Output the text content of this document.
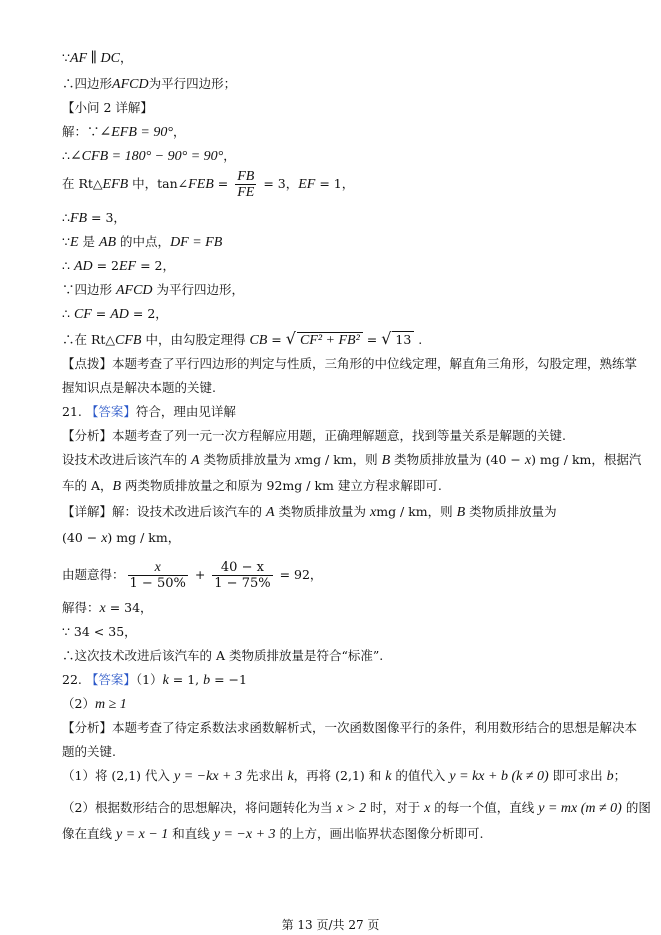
∵AF ∥ DC，
∴四边形AFCD为平行四边形；
【小问 2 详解】
解：∵∠EFB = 90°，
∴∠CFB = 180° − 90° = 90°，
在 Rt△EFB 中，tan∠FEB = $\frac{FB}{FE} = 3$，EF = 1，
∴FB = 3，
∵E 是 AB 的中点，DF = FB
∴ AD = 2EF = 2，
∵四边形 AFCD 为平行四边形，
∴ CF = AD = 2，
∴在 Rt△CFB 中，由勾股定理得 CB = √ CF² + FB² = √ 13 .
【点拨】本题考查了平行四边形的判定与性质，三角形的中位线定理，解直角三角形，勾股定理，熟练掌
握知识点是解决本题的关键.
21. 【答案】符合，理由见详解
【分析】本题考查了列一元一次方程解应用题，正确理解题意，找到等量关系是解题的关键.
设技术改进后该汽车的 A 类物质排放量为 xmg / km，则 B 类物质排放量为 (40 − x) mg / km，根据汽
车的 A，B 两类物质排放量之和原为 92mg / km 建立方程求解即可.
【详解】解：设技术改进后该汽车的 A 类物质排放量为 xmg / km，则 B 类物质排放量为
(40 − x) mg / km，
由题意得： $\frac{x}{1 - 50\%} + \frac{40 - x}{1 - 75\%} = 92$，
解得：x = 34，
∵ 34 < 35，
∴这次技术改进后该汽车的 A 类物质排放量是符合“标准”.
22. 【答案】（1）k = 1, b = −1
（2）m ≥ 1
【分析】本题考查了待定系数法求函数解析式，一次函数图像平行的条件，利用数形结合的思想是解决本
题的关键.
（1）将 (2,1) 代入 y = −kx + 3 先求出 k，再将 (2,1) 和 k 的值代入 y = kx + b (k ≠ 0) 即可求出 b；
（2）根据数形结合的思想解决，将问题转化为当 x > 2 时，对于 x 的每一个值，直线 y = mx (m ≠ 0) 的图
像在直线 y = x − 1 和直线 y = −x + 3 的上方，画出临界状态图像分析即可.
第 13 页/共 27 页
